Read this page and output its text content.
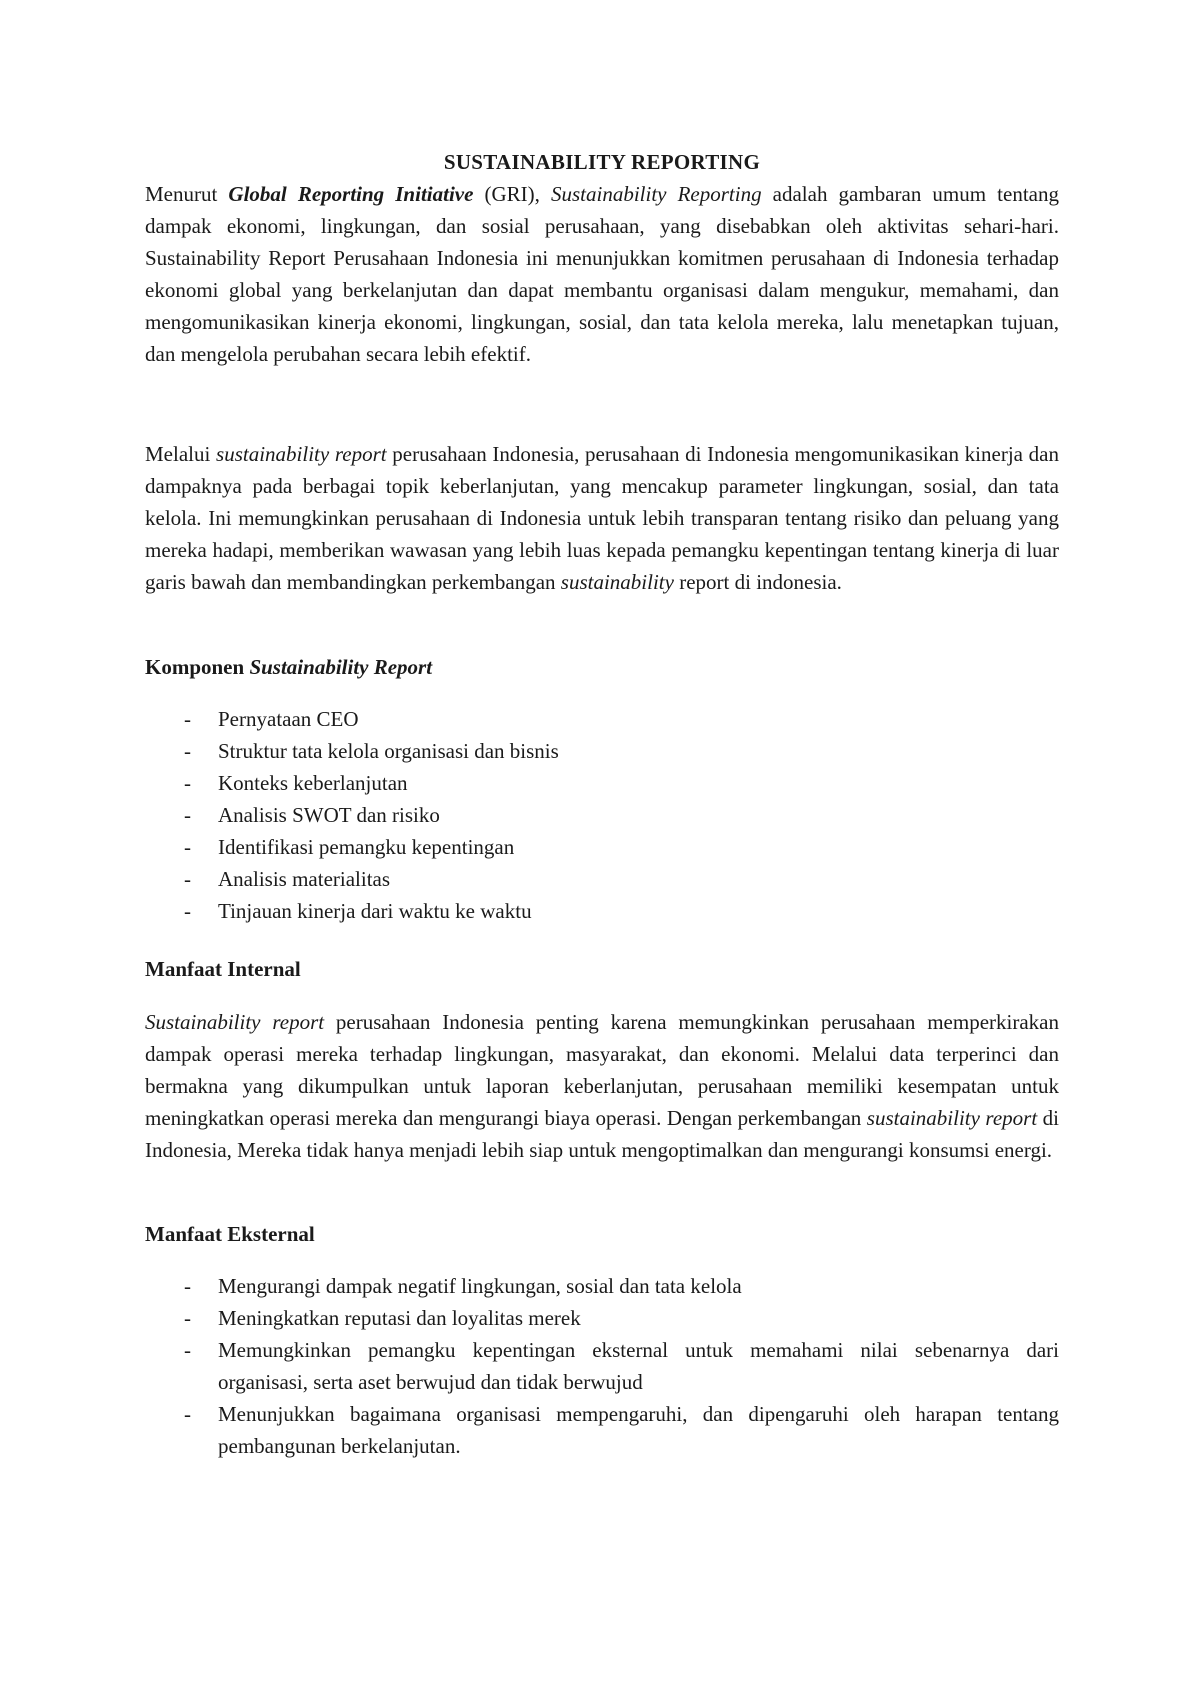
SUSTAINABILITY REPORTING

Menurut Global Reporting Initiative (GRI), Sustainability Reporting adalah gambaran umum tentang dampak ekonomi, lingkungan, dan sosial perusahaan, yang disebabkan oleh aktivitas sehari-hari. Sustainability Report Perusahaan Indonesia ini menunjukkan komitmen perusahaan di Indonesia terhadap ekonomi global yang berkelanjutan dan dapat membantu organisasi dalam mengukur, memahami, dan mengomunikasikan kinerja ekonomi, lingkungan, sosial, dan tata kelola mereka, lalu menetapkan tujuan, dan mengelola perubahan secara lebih efektif.

Melalui sustainability report perusahaan Indonesia, perusahaan di Indonesia mengomunikasikan kinerja dan dampaknya pada berbagai topik keberlanjutan, yang mencakup parameter lingkungan, sosial, dan tata kelola. Ini memungkinkan perusahaan di Indonesia untuk lebih transparan tentang risiko dan peluang yang mereka hadapi, memberikan wawasan yang lebih luas kepada pemangku kepentingan tentang kinerja di luar garis bawah dan membandingkan perkembangan sustainability report di indonesia.

Komponen Sustainability Report

- Pernyataan CEO
- Struktur tata kelola organisasi dan bisnis
- Konteks keberlanjutan
- Analisis SWOT dan risiko
- Identifikasi pemangku kepentingan
- Analisis materialitas
- Tinjauan kinerja dari waktu ke waktu

Manfaat Internal

Sustainability report perusahaan Indonesia penting karena memungkinkan perusahaan memperkirakan dampak operasi mereka terhadap lingkungan, masyarakat, dan ekonomi. Melalui data terperinci dan bermakna yang dikumpulkan untuk laporan keberlanjutan, perusahaan memiliki kesempatan untuk meningkatkan operasi mereka dan mengurangi biaya operasi. Dengan perkembangan sustainability report di Indonesia, Mereka tidak hanya menjadi lebih siap untuk mengoptimalkan dan mengurangi konsumsi energi.

Manfaat Eksternal

- Mengurangi dampak negatif lingkungan, sosial dan tata kelola
- Meningkatkan reputasi dan loyalitas merek
- Memungkinkan pemangku kepentingan eksternal untuk memahami nilai sebenarnya dari organisasi, serta aset berwujud dan tidak berwujud
- Menunjukkan bagaimana organisasi mempengaruhi, dan dipengaruhi oleh harapan tentang pembangunan berkelanjutan.
